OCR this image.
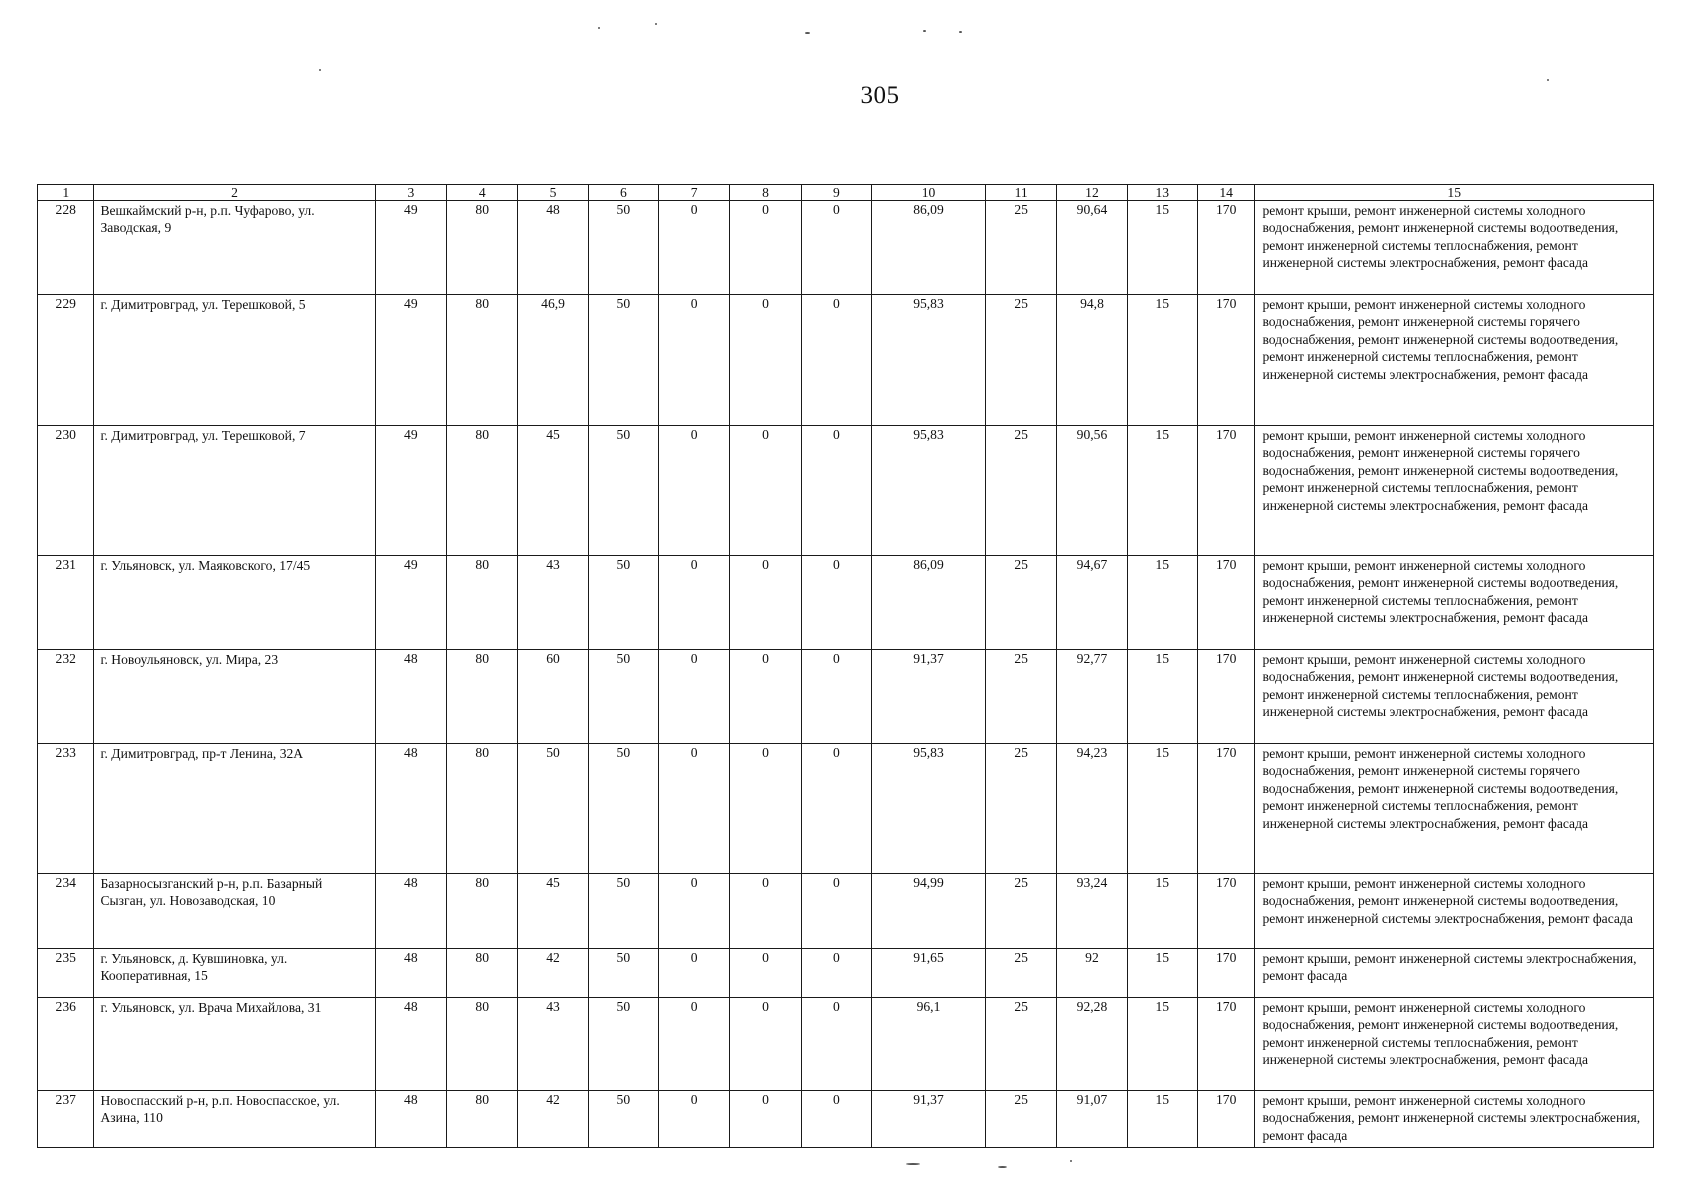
305
1	2	3	4	5	6	7	8	9	10	11	12	13	14	15
228	Вешкаймский р-н, р.п. Чуфарово, ул. Заводская, 9	49	80	48	50	0	0	0	86,09	25	90,64	15	170	ремонт крыши, ремонт инженерной системы холодного водоснабжения, ремонт инженерной системы водоотведения, ремонт инженерной системы теплоснабжения, ремонт инженерной системы электроснабжения, ремонт фасада
229	г. Димитровград, ул. Терешковой, 5	49	80	46,9	50	0	0	0	95,83	25	94,8	15	170	ремонт крыши, ремонт инженерной системы холодного водоснабжения, ремонт инженерной системы горячего водоснабжения, ремонт инженерной системы водоотведения, ремонт инженерной системы теплоснабжения, ремонт инженерной системы электроснабжения, ремонт фасада
230	г. Димитровград, ул. Терешковой, 7	49	80	45	50	0	0	0	95,83	25	90,56	15	170	ремонт крыши, ремонт инженерной системы холодного водоснабжения, ремонт инженерной системы горячего водоснабжения, ремонт инженерной системы водоотведения, ремонт инженерной системы теплоснабжения, ремонт инженерной системы электроснабжения, ремонт фасада
231	г. Ульяновск, ул. Маяковского, 17/45	49	80	43	50	0	0	0	86,09	25	94,67	15	170	ремонт крыши, ремонт инженерной системы холодного водоснабжения, ремонт инженерной системы водоотведения, ремонт инженерной системы теплоснабжения, ремонт инженерной системы электроснабжения, ремонт фасада
232	г. Новоульяновск, ул. Мира, 23	48	80	60	50	0	0	0	91,37	25	92,77	15	170	ремонт крыши, ремонт инженерной системы холодного водоснабжения, ремонт инженерной системы водоотведения, ремонт инженерной системы теплоснабжения, ремонт инженерной системы электроснабжения, ремонт фасада
233	г. Димитровград, пр-т Ленина, 32А	48	80	50	50	0	0	0	95,83	25	94,23	15	170	ремонт крыши, ремонт инженерной системы холодного водоснабжения, ремонт инженерной системы горячего водоснабжения, ремонт инженерной системы водоотведения, ремонт инженерной системы теплоснабжения, ремонт инженерной системы электроснабжения, ремонт фасада
234	Базарносызганский р-н, р.п. Базарный Сызган, ул. Новозаводская, 10	48	80	45	50	0	0	0	94,99	25	93,24	15	170	ремонт крыши, ремонт инженерной системы холодного водоснабжения, ремонт инженерной системы водоотведения, ремонт инженерной системы электроснабжения, ремонт фасада
235	г. Ульяновск, д. Кувшиновка, ул. Кооперативная, 15	48	80	42	50	0	0	0	91,65	25	92	15	170	ремонт крыши, ремонт инженерной системы электроснабжения, ремонт фасада
236	г. Ульяновск, ул. Врача Михайлова, 31	48	80	43	50	0	0	0	96,1	25	92,28	15	170	ремонт крыши, ремонт инженерной системы холодного водоснабжения, ремонт инженерной системы водоотведения, ремонт инженерной системы теплоснабжения, ремонт инженерной системы электроснабжения, ремонт фасада
237	Новоспасский р-н, р.п. Новоспасское, ул. Азина, 110	48	80	42	50	0	0	0	91,37	25	91,07	15	170	ремонт крыши, ремонт инженерной системы холодного водоснабжения, ремонт инженерной системы электроснабжения, ремонт фасада
